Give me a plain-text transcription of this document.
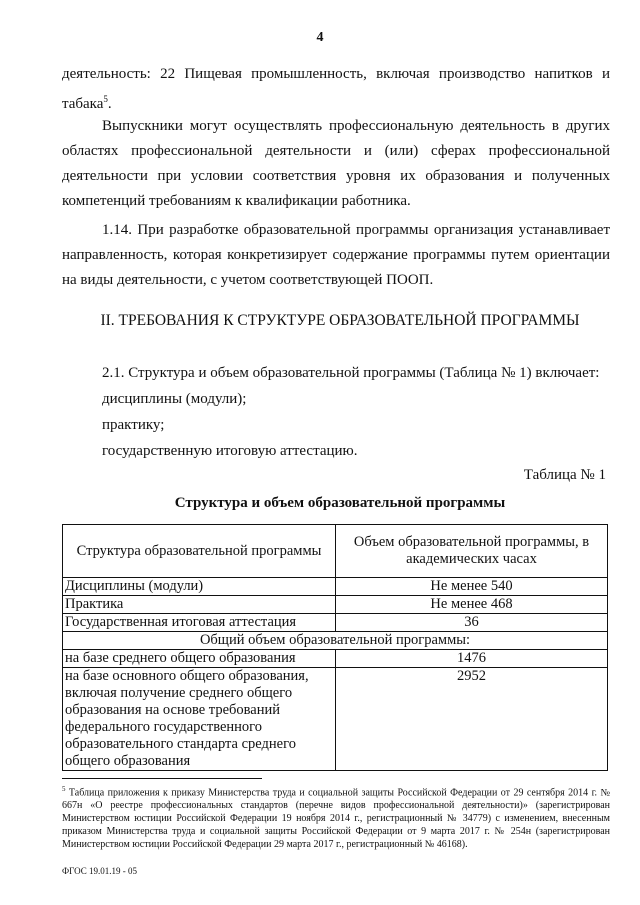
4
деятельность: 22 Пищевая промышленность, включая производство напитков и табака$^5$.
Выпускники могут осуществлять профессиональную деятельность в других областях профессиональной деятельности и (или) сферах профессиональной деятельности при условии соответствия уровня их образования и полученных компетенций требованиям к квалификации работника.
1.14. При разработке образовательной программы организация устанавливает направленность, которая конкретизирует содержание программы путем ориентации на виды деятельности, с учетом соответствующей ПООП.
II. ТРЕБОВАНИЯ К СТРУКТУРЕ ОБРАЗОВАТЕЛЬНОЙ ПРОГРАММЫ
2.1. Структура и объем образовательной программы (Таблица № 1) включает:
дисциплины (модули);
практику;
государственную итоговую аттестацию.
Таблица № 1
Структура и объем образовательной программы
Структура образовательной программы	Объем образовательной программы, в академических часах
Дисциплины (модули)	Не менее 540
Практика	Не менее 468
Государственная итоговая аттестация	36
Общий объем образовательной программы:	
на базе среднего общего образования	1476
на базе основного общего образования, включая получение среднего общего образования на основе требований федерального государственного образовательного стандарта среднего общего образования	2952
$^5$ Таблица приложения к приказу Министерства труда и социальной защиты Российской Федерации от 29 сентября 2014 г. № 667н «О реестре профессиональных стандартов (перечне видов профессиональной деятельности)» (зарегистрирован Министерством юстиции Российской Федерации 19 ноября 2014 г., регистрационный № 34779) с изменением, внесенным приказом Министерства труда и социальной защиты Российской Федерации от 9 марта 2017 г. № 254н (зарегистрирован Министерством юстиции Российской Федерации 29 марта 2017 г., регистрационный № 46168).
ФГОС 19.01.19 - 05
